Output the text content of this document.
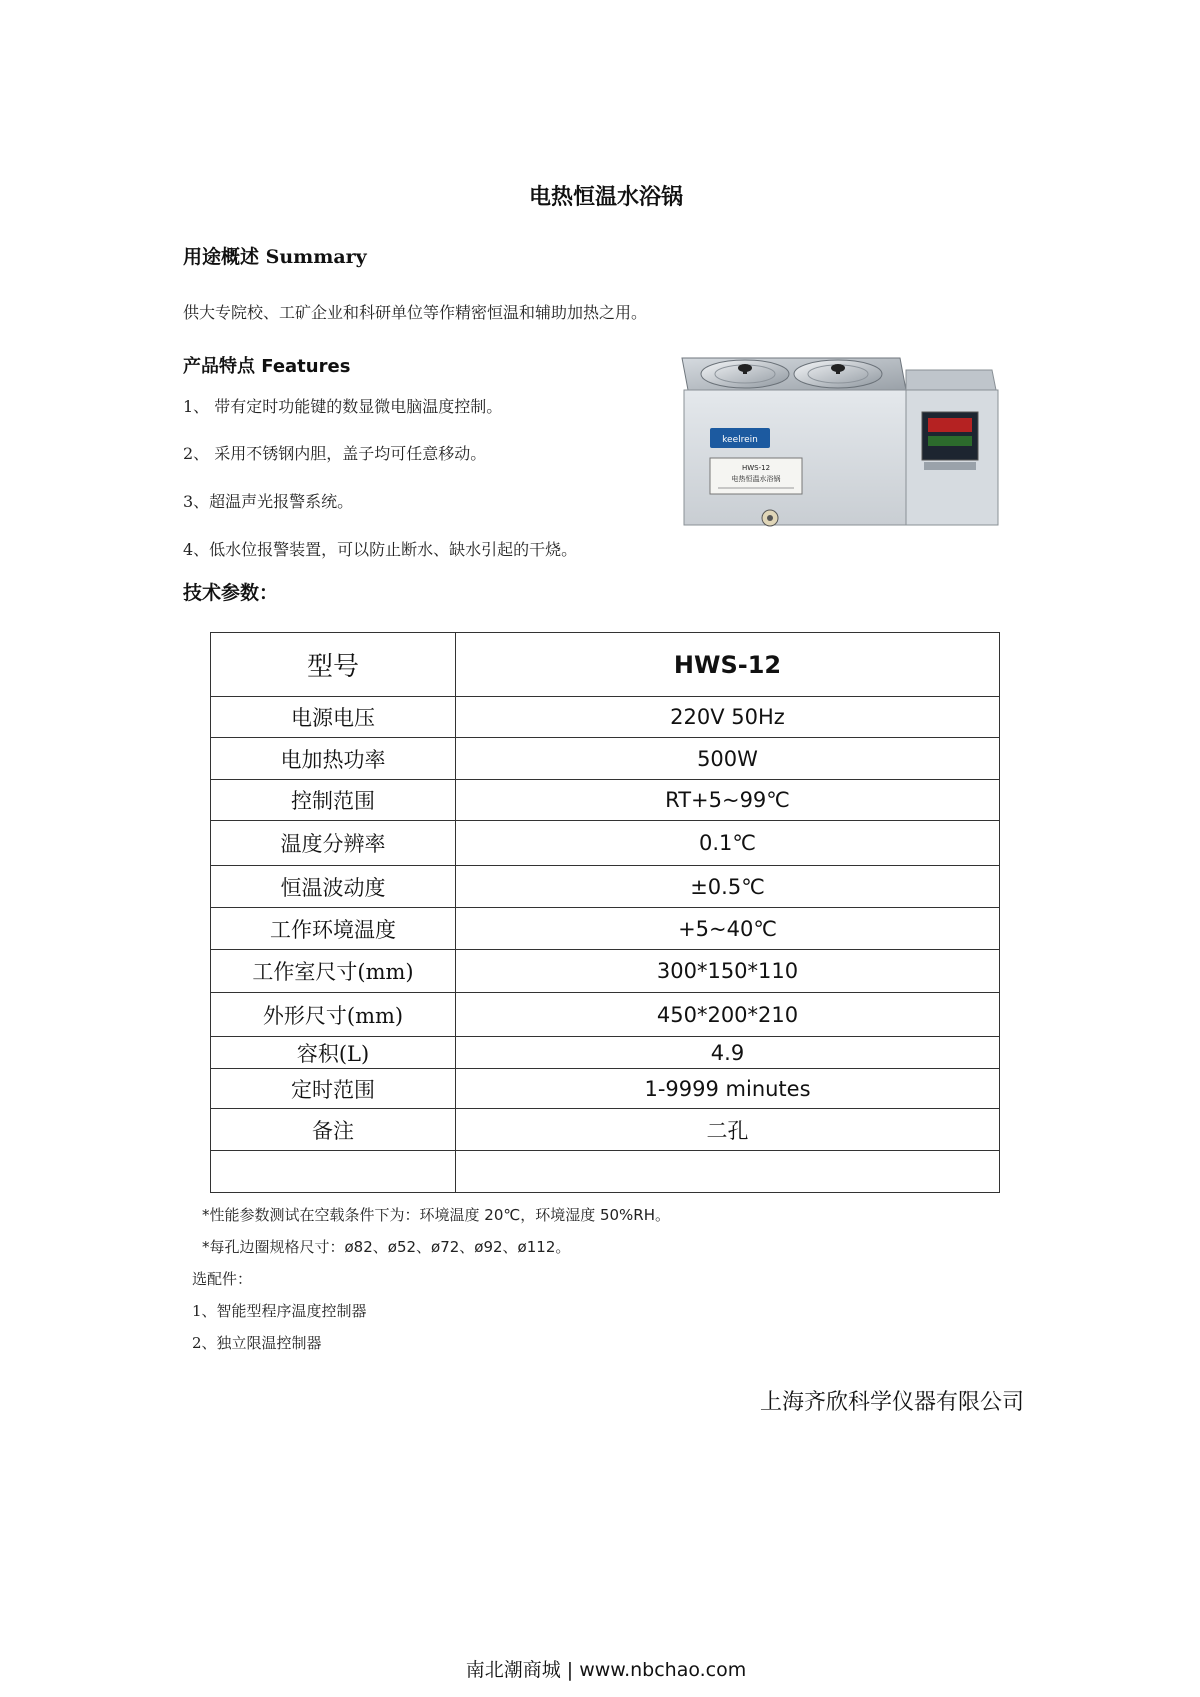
电热恒温水浴锅
用途概述 Summary
供大专院校、工矿企业和科研单位等作精密恒温和辅助加热之用。
产品特点 Features
1、 带有定时功能键的数显微电脑温度控制。
2、 采用不锈钢内胆，盖子均可任意移动。
3、超温声光报警系统。
4、低水位报警装置，可以防止断水、缺水引起的干烧。
keelrein
HWS-12
电热恒温水浴锅
技术参数：
型号	HWS-12
电源电压	220V 50Hz
电加热功率	500W
控制范围	RT+5~99℃
温度分辨率	0.1℃
恒温波动度	±0.5℃
工作环境温度	+5~40℃
工作室尺寸(mm)	300*150*110
外形尺寸(mm)	450*200*210
容积(L)	4.9
定时范围	1-9999 minutes
备注	二孔

*性能参数测试在空载条件下为：环境温度 20℃，环境湿度 50%RH。
*每孔边圈规格尺寸：ø82、ø52、ø72、ø92、ø112。
选配件：
1、智能型程序温度控制器
2、独立限温控制器
上海齐欣科学仪器有限公司
南北潮商城 | www.nbchao.com
